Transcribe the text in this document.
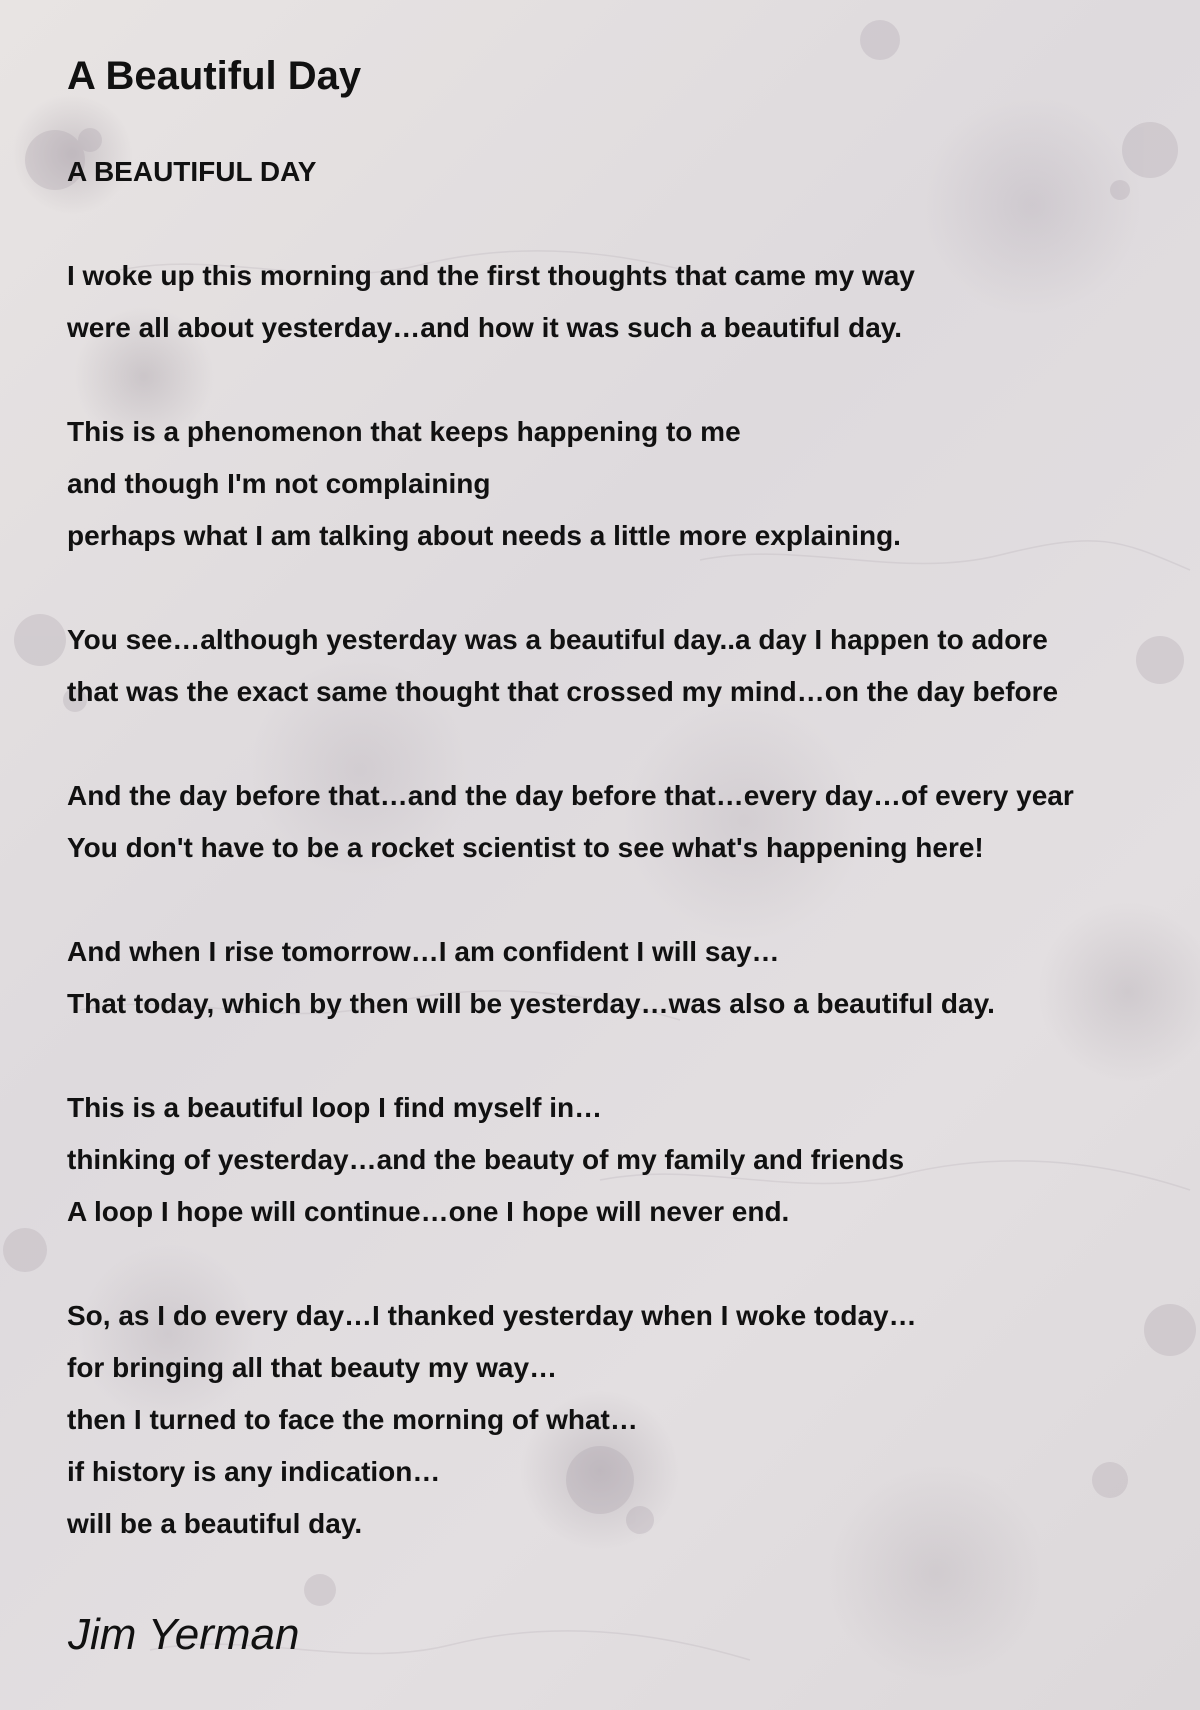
A Beautiful Day
A BEAUTIFUL DAY
I woke up this morning and the first thoughts that came my way
were all about yesterday…and how it was such a beautiful day.
This is a phenomenon that keeps happening to me
and though I'm not complaining
perhaps what I am talking about needs a little more explaining.
You see…although yesterday was a beautiful day..a day I happen to adore
that was the exact same thought that crossed my mind…on the day before
And the day before that…and the day before that…every day…of every year
You don't have to be a rocket scientist to see what's happening here!
And when I rise tomorrow…I am confident I will say…
That today, which by then will be yesterday…was also a beautiful day.
This is a beautiful loop I find myself in…
thinking of yesterday…and the beauty of my family and friends
A loop I hope will continue…one I hope will never end.
So, as I do every day…I thanked yesterday when I woke today…
for bringing all that beauty my way…
then I turned to face the morning of what…
if history is any indication…
will be a beautiful day.
Jim Yerman
